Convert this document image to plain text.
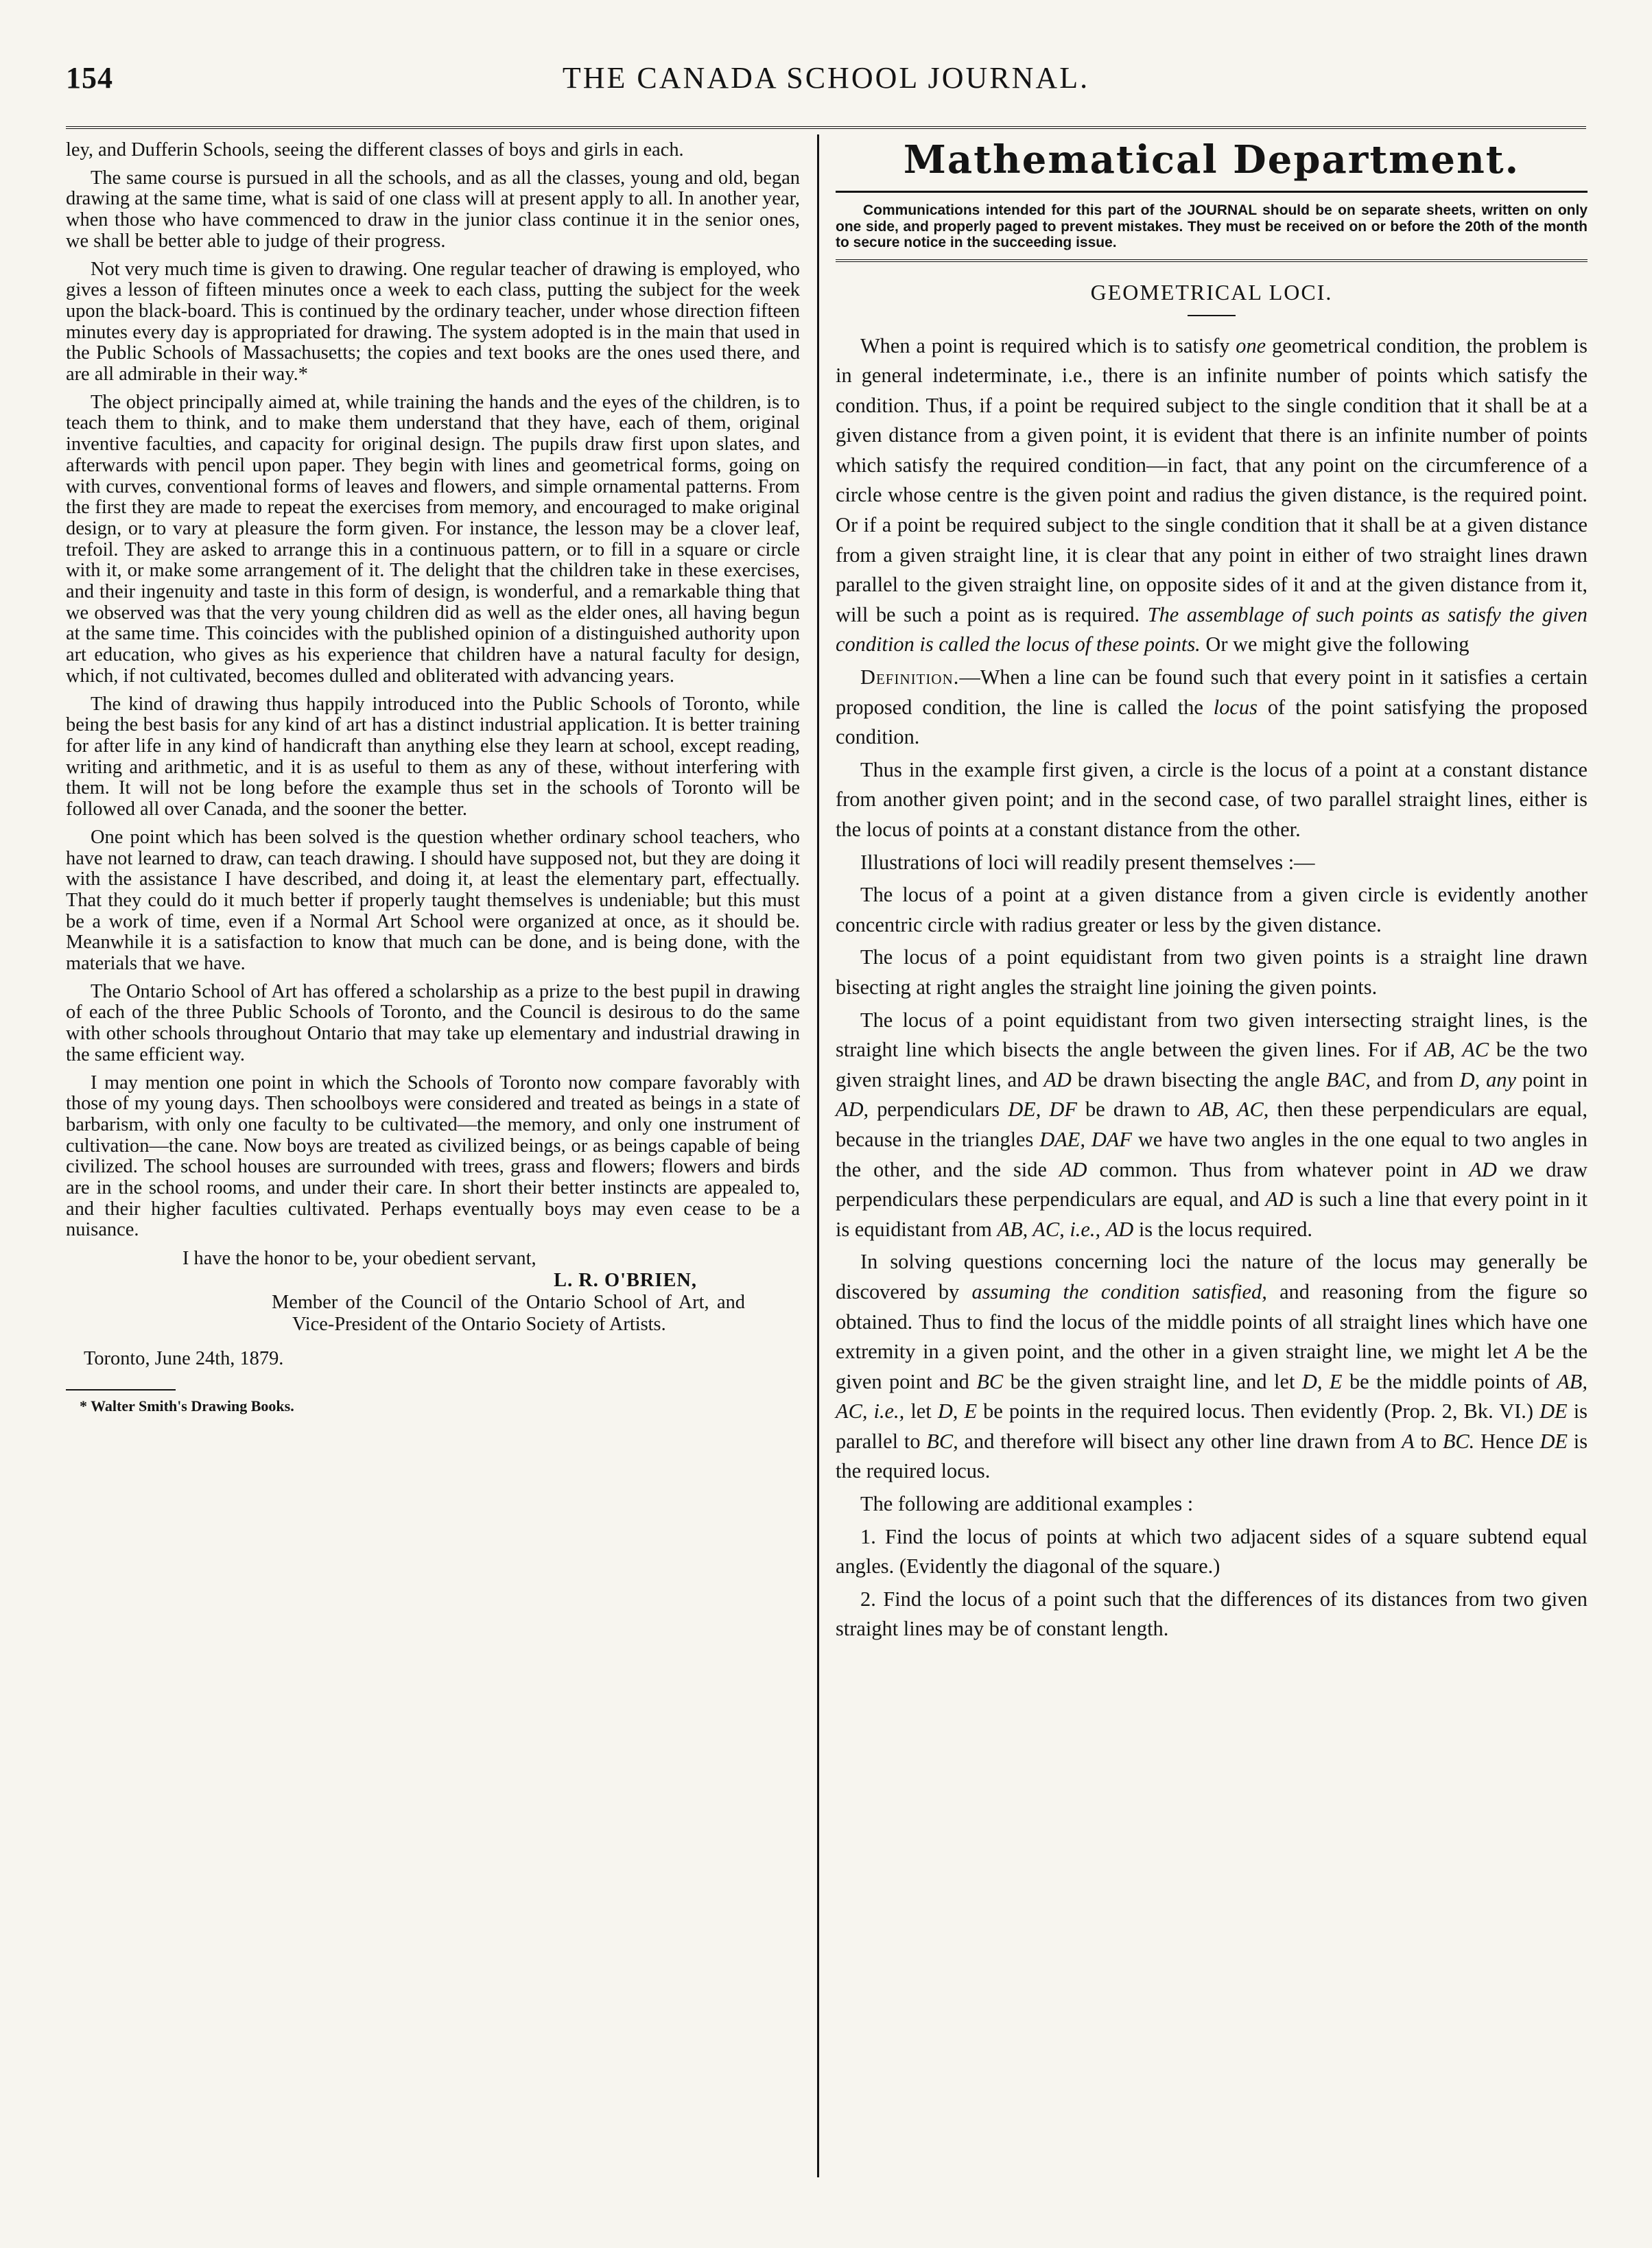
154	THE CANADA SCHOOL JOURNAL.

ley, and Dufferin Schools, seeing the different classes of boys and girls in each.

The same course is pursued in all the schools, and as all the classes, young and old, began drawing at the same time, what is said of one class will at present apply to all. In another year, when those who have commenced to draw in the junior class continue it in the senior ones, we shall be better able to judge of their progress.

Not very much time is given to drawing. One regular teacher of drawing is employed, who gives a lesson of fifteen minutes once a week to each class, putting the subject for the week upon the black-board. This is continued by the ordinary teacher, under whose direction fifteen minutes every day is appropriated for drawing. The system adopted is in the main that used in the Public Schools of Massachusetts; the copies and text books are the ones used there, and are all admirable in their way.*

The object principally aimed at, while training the hands and the eyes of the children, is to teach them to think, and to make them understand that they have, each of them, original inventive faculties, and capacity for original design. The pupils draw first upon slates, and afterwards with pencil upon paper. They begin with lines and geometrical forms, going on with curves, conventional forms of leaves and flowers, and simple ornamental patterns. From the first they are made to repeat the exercises from memory, and encouraged to make original design, or to vary at pleasure the form given. For instance, the lesson may be a clover leaf, trefoil. They are asked to arrange this in a continuous pattern, or to fill in a square or circle with it, or make some arrangement of it. The delight that the children take in these exercises, and their ingenuity and taste in this form of design, is wonderful, and a remarkable thing that we observed was that the very young children did as well as the elder ones, all having begun at the same time. This coincides with the published opinion of a distinguished authority upon art education, who gives as his experience that children have a natural faculty for design, which, if not cultivated, becomes dulled and obliterated with advancing years.

The kind of drawing thus happily introduced into the Public Schools of Toronto, while being the best basis for any kind of art has a distinct industrial application. It is better training for after life in any kind of handicraft than anything else they learn at school, except reading, writing and arithmetic, and it is as useful to them as any of these, without interfering with them. It will not be long before the example thus set in the schools of Toronto will be followed all over Canada, and the sooner the better.

One point which has been solved is the question whether ordinary school teachers, who have not learned to draw, can teach drawing. I should have supposed not, but they are doing it with the assistance I have described, and doing it, at least the elementary part, effectually. That they could do it much better if properly taught themselves is undeniable; but this must be a work of time, even if a Normal Art School were organized at once, as it should be. Meanwhile it is a satisfaction to know that much can be done, and is being done, with the materials that we have.

The Ontario School of Art has offered a scholarship as a prize to the best pupil in drawing of each of the three Public Schools of Toronto, and the Council is desirous to do the same with other schools throughout Ontario that may take up elementary and industrial drawing in the same efficient way.

I may mention one point in which the Schools of Toronto now compare favorably with those of my young days. Then schoolboys were considered and treated as beings in a state of barbarism, with only one faculty to be cultivated—the memory, and only one instrument of cultivation—the cane. Now boys are treated as civilized beings, or as beings capable of being civilized. The school houses are surrounded with trees, grass and flowers; flowers and birds are in the school rooms, and under their care. In short their better instincts are appealed to, and their higher faculties cultivated. Perhaps eventually boys may even cease to be a nuisance.

I have the honor to be, your obedient servant,
L. R. O'BRIEN,
Member of the Council of the Ontario School of Art, and Vice-President of the Ontario Society of Artists.
Toronto, June 24th, 1879.
* Walter Smith's Drawing Books.
Mathematical Department.
Communications intended for this part of the JOURNAL should be on separate sheets, written on only one side, and properly paged to prevent mistakes. They must be received on or before the 20th of the month to secure notice in the succeeding issue.
GEOMETRICAL LOCI.

When a point is required which is to satisfy one geometrical condition, the problem is in general indeterminate, i.e., there is an infinite number of points which satisfy the condition. Thus, if a point be required subject to the single condition that it shall be at a given distance from a given point, it is evident that there is an infinite number of points which satisfy the required condition—in fact, that any point on the circumference of a circle whose centre is the given point and radius the given distance, is the required point. Or if a point be required subject to the single condition that it shall be at a given distance from a given straight line, it is clear that any point in either of two straight lines drawn parallel to the given straight line, on opposite sides of it and at the given distance from it, will be such a point as is required. The assemblage of such points as satisfy the given condition is called the locus of these points. Or we might give the following

Definition.—When a line can be found such that every point in it satisfies a certain proposed condition, the line is called the locus of the point satisfying the proposed condition.

Thus in the example first given, a circle is the locus of a point at a constant distance from another given point; and in the second case, of two parallel straight lines, either is the locus of points at a constant distance from the other.

Illustrations of loci will readily present themselves :—

The locus of a point at a given distance from a given circle is evidently another concentric circle with radius greater or less by the given distance.

The locus of a point equidistant from two given points is a straight line drawn bisecting at right angles the straight line joining the given points.

The locus of a point equidistant from two given intersecting straight lines, is the straight line which bisects the angle between the given lines. For if AB, AC be the two given straight lines, and AD be drawn bisecting the angle BAC, and from D, any point in AD, perpendiculars DE, DF be drawn to AB, AC, then these perpendiculars are equal, because in the triangles DAE, DAF we have two angles in the one equal to two angles in the other, and the side AD common. Thus from whatever point in AD we draw perpendiculars these perpendiculars are equal, and AD is such a line that every point in it is equidistant from AB, AC, i.e., AD is the locus required.

In solving questions concerning loci the nature of the locus may generally be discovered by assuming the condition satisfied, and reasoning from the figure so obtained. Thus to find the locus of the middle points of all straight lines which have one extremity in a given point, and the other in a given straight line, we might let A be the given point and BC be the given straight line, and let D, E be the middle points of AB, AC, i.e., let D, E be points in the required locus. Then evidently (Prop. 2, Bk. VI.) DE is parallel to BC, and therefore will bisect any other line drawn from A to BC. Hence DE is the required locus.

The following are additional examples :

1. Find the locus of points at which two adjacent sides of a square subtend equal angles. (Evidently the diagonal of the square.)

2. Find the locus of a point such that the differences of its distances from two given straight lines may be of constant length.
